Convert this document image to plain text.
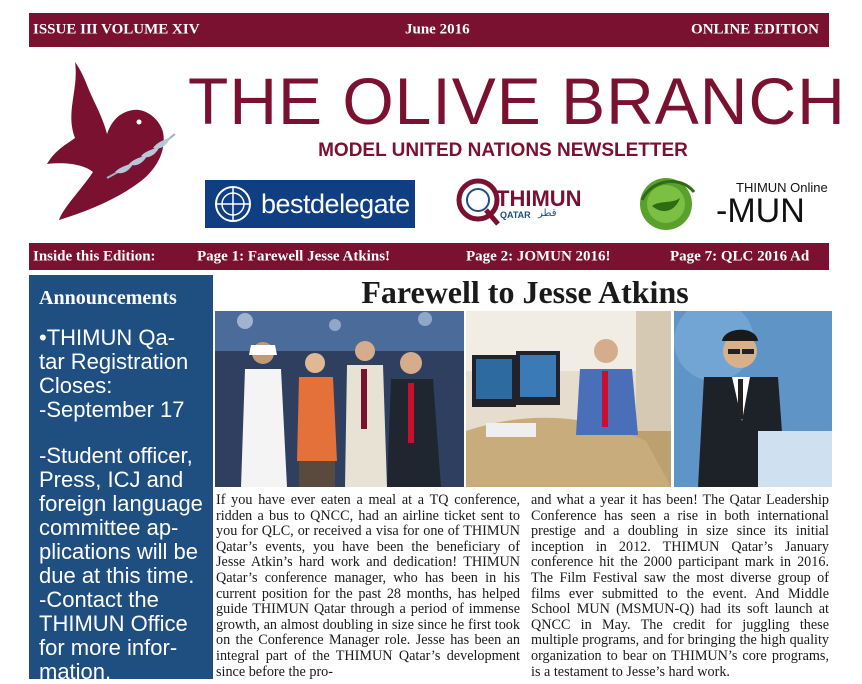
ISSUE III VOLUME XIV	June 2016	ONLINE EDITION
THE OLIVE BRANCH
MODEL UNITED NATIONS NEWSLETTER
bestdelegate	THIMUN
QATAR قطر
THIMUN Online
-MUN
Inside this Edition:	Page 1: Farewell Jesse Atkins!	Page 2: JOMUN 2016!	Page 7: QLC 2016 Ad
Announcements

•THIMUN Qa-

tar Registration

Closes:

-September 17

-Student officer,

Press, ICJ and

foreign language

committee ap-

plications will be

due at this time.

-Contact the

THIMUN Office

for more infor-

mation.

Farewell to Jesse Atkins
If you have ever eaten a meal at a TQ conference, ridden a bus to QNCC, had an airline ticket sent to you for QLC, or received a visa for one of THIMUN Qatar’s events, you have been the beneficiary of Jesse Atkin’s hard work and dedication! THIMUN Qatar’s conference manager, who has been in his current position for the past 28 months, has helped guide THIMUN Qatar through a period of immense growth, an almost doubling in size since he first took on the Conference Manager role. Jesse has been an integral part of the THIMUN Qatar’s development since before the pro-
and what a year it has been! The Qatar Leadership Conference has seen a rise in both international prestige and a doubling in size since its initial inception in 2012. THIMUN Qatar’s January conference hit the 2000 participant mark in 2016. The Film Festival saw the most diverse group of films ever submitted to the event. And Middle School MUN (MSMUN-Q) had its soft launch at QNCC in May. The credit for juggling these multiple programs, and for bringing the high quality organization to bear on THIMUN’s core programs, is a testament to Jesse’s hard work.
